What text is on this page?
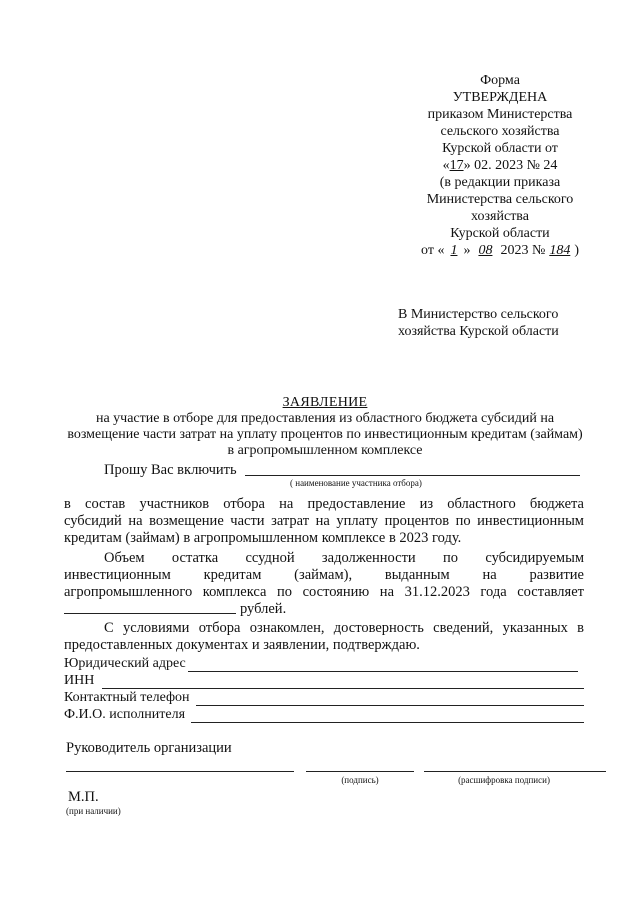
Форма
УТВЕРЖДЕНА
приказом Министерства
сельского хозяйства
Курской области от
«17» 02. 2023 № 24
(в редакции приказа
Министерства сельского
хозяйства
Курской области
от « 1 » 08 2023 № 184 )
В Министерство сельского
хозяйства Курской области
ЗАЯВЛЕНИЕ
на участие в отборе для предоставления из областного бюджета субсидий на
возмещение части затрат на уплату процентов по инвестиционным кредитам (займам)
в агропромышленном комплексе
Прошу Вас включить
( наименование участника отбора)
в состав участников отбора на предоставление из областного бюджета
субсидий на возмещение части затрат на уплату процентов по инвестиционным
кредитам (займам) в агропромышленном комплексе в 2023 году.
Объем остатка ссудной задолженности по субсидируемым
инвестиционным кредитам (займам), выданным на развитие
агропромышленного комплекса по состоянию на 31.12.2023 года составляет
рублей.
С условиями отбора ознакомлен, достоверность сведений, указанных в
предоставленных документах и заявлении, подтверждаю.
Юридический адрес
ИНН
Контактный телефон
Ф.И.О. исполнителя
Руководитель организации
(подпись)	(расшифровка подписи)
М.П.
(при наличии)
